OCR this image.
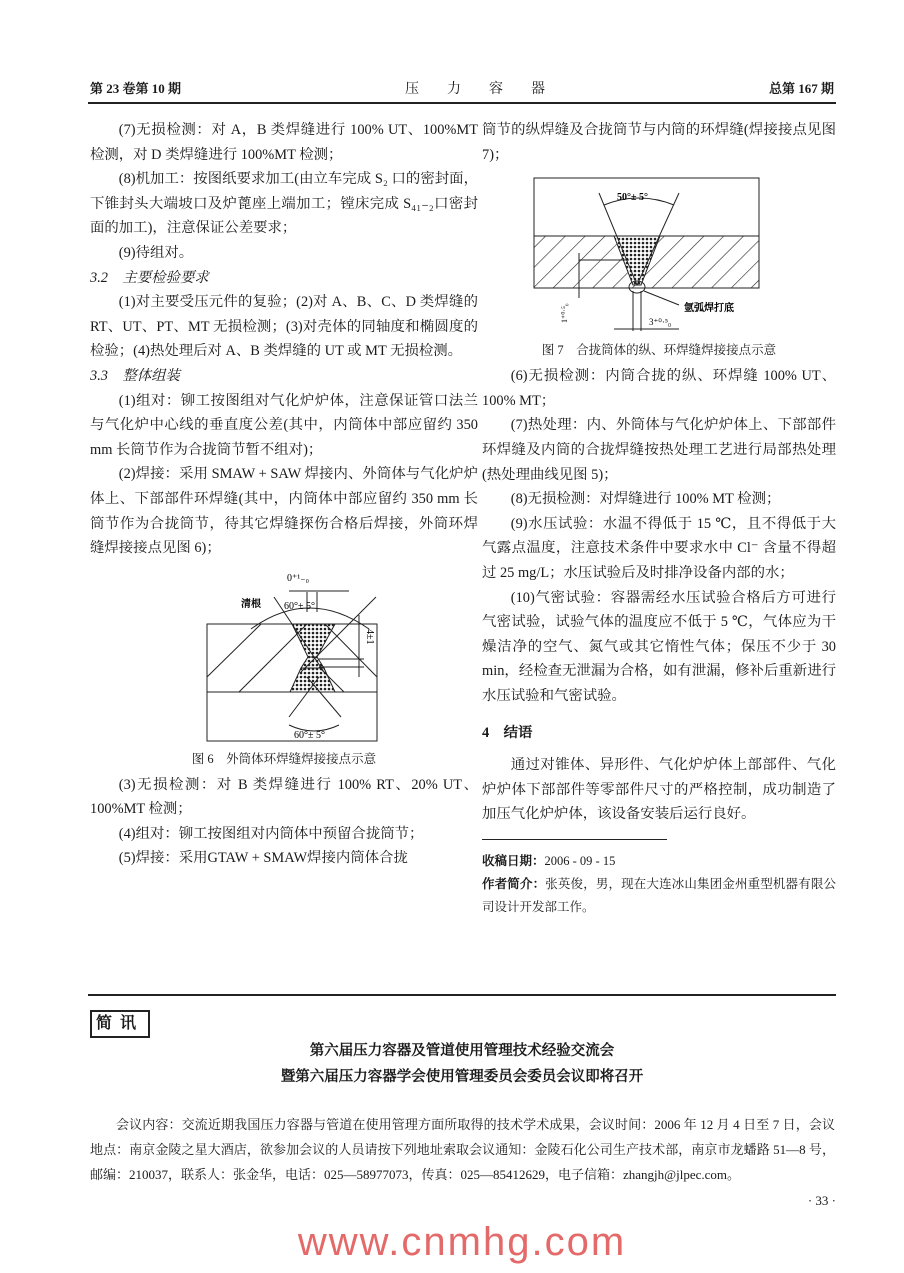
第 23 卷第 10 期	压　　力　　容　　器	总第 167 期

(7)无损检测：对 A，B 类焊缝进行 100% UT、100%MT 检测，对 D 类焊缝进行 100%MT 检测；

(8)机加工：按图纸要求加工(由立车完成 S₂ 口的密封面，下锥封头大端坡口及炉蓖座上端加工；镗床完成 S₄₁₋₂口密封面的加工)，注意保证公差要求；

(9)待组对。

3.2　主要检验要求

(1)对主要受压元件的复验；(2)对 A、B、C、D 类焊缝的 RT、UT、PT、MT 无损检测；(3)对壳体的同轴度和椭圆度的检验；(4)热处理后对 A、B 类焊缝的 UT 或 MT 无损检测。

3.3　整体组装

(1)组对：铆工按图组对气化炉炉体，注意保证管口法兰与气化炉中心线的垂直度公差(其中，内筒体中部应留约 350 mm 长筒节作为合拢筒节暂不组对)；

(2)焊接：采用 SMAW + SAW 焊接内、外筒体与气化炉炉体上、下部部件环焊缝(其中，内筒体中部应留约 350 mm 长筒节作为合拢筒节，待其它焊缝探伤合格后焊接，外筒环焊缝焊接接点见图 6)；

0⁺¹₋₀
60°± 5°
清根
4±1
60°± 5°
图 6　外筒体环焊缝焊接接点示意

(3)无损检测：对 B 类焊缝进行 100% RT、20% UT、100%MT 检测；

(4)组对：铆工按图组对内筒体中预留合拢筒节；

(5)焊接：采用GTAW + SMAW焊接内筒体合拢

筒节的纵焊缝及合拢筒节与内筒的环焊缝(焊接接点见图 7)；
50°± 5°
3⁺⁰·⁵₀
1⁺⁰·⁵₀	氩弧焊打底
图 7　合拢筒体的纵、环焊缝焊接接点示意

(6)无损检测：内筒合拢的纵、环焊缝 100% UT、100% MT；

(7)热处理：内、外筒体与气化炉炉体上、下部部件环焊缝及内筒的合拢焊缝按热处理工艺进行局部热处理(热处理曲线见图 5)；

(8)无损检测：对焊缝进行 100% MT 检测；

(9)水压试验：水温不得低于 15 ℃，且不得低于大气露点温度，注意技术条件中要求水中 Cl⁻ 含量不得超过 25 mg/L；水压试验后及时排净设备内部的水；

(10)气密试验：容器需经水压试验合格后方可进行气密试验，试验气体的温度应不低于 5 ℃，气体应为干燥洁净的空气、氮气或其它惰性气体；保压不少于 30 min，经检查无泄漏为合格，如有泄漏，修补后重新进行水压试验和气密试验。

4　结语

通过对锥体、异形件、气化炉炉体上部部件、气化炉炉体下部部件等零部件尺寸的严格控制，成功制造了加压气化炉炉体，该设备安装后运行良好。

收稿日期：2006 - 09 - 15
作者简介：张英俊，男，现在大连冰山集团金州重型机器有限公司设计开发部工作。
简讯
第六届压力容器及管道使用管理技术经验交流会
暨第六届压力容器学会使用管理委员会委员会议即将召开
会议内容：交流近期我国压力容器与管道在使用管理方面所取得的技术学术成果，会议时间：2006 年 12 月 4 日至 7 日，会议地点：南京金陵之星大酒店，欲参加会议的人员请按下列地址索取会议通知：金陵石化公司生产技术部，南京市龙蟠路 51—8 号，邮编：210037，联系人：张金华，电话：025—58977073，传真：025—85412629，电子信箱：zhangjh@jlpec.com。
· 33 ·
www.cnmhg.com
